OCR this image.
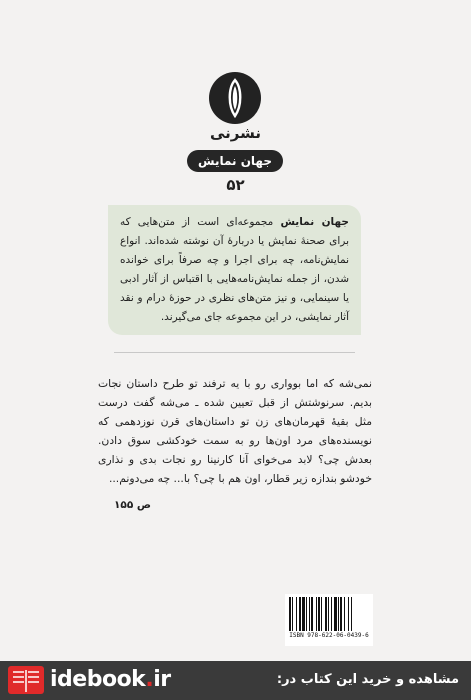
نشرنی
جهان نمایش
۵۲
جهان نمایش مجموعه‌ای است از متن‌هایی که برای صحنهٔ نمایش یا دربارهٔ آن نوشته شده‌اند. انواع نمایش‌نامه، چه برای اجرا و چه صرفاً برای خوانده شدن، از جمله نمایش‌نامه‌هایی با اقتباس از آثار ادبی یا سینمایی، و نیز متن‌های نظری در حوزهٔ درام و نقد آثار نمایشی، در این مجموعه جای می‌گیرند.
نمی‌شه که اما بوواری رو با یه ترفند تو طرح داستان نجات بدیم. سرنوشتش از قبل تعیین شده ـ می‌شه گفت درست مثل بقیهٔ قهرمان‌های زن تو داستان‌های قرن نوزدهمی که نویسنده‌های مرد اون‌ها رو به سمت خودکشی سوق دادن. بعدش چی؟ لابد می‌خوای آنا کارنینا رو نجات بدی و نذاری خودشو بندازه زیر قطار، اون هم با چی؟ با... چه می‌دونم...
ص ۱۵۵
ISBN 978-622-06-0439-6
idebook.ir	مشاهده و خرید این کتاب در:
